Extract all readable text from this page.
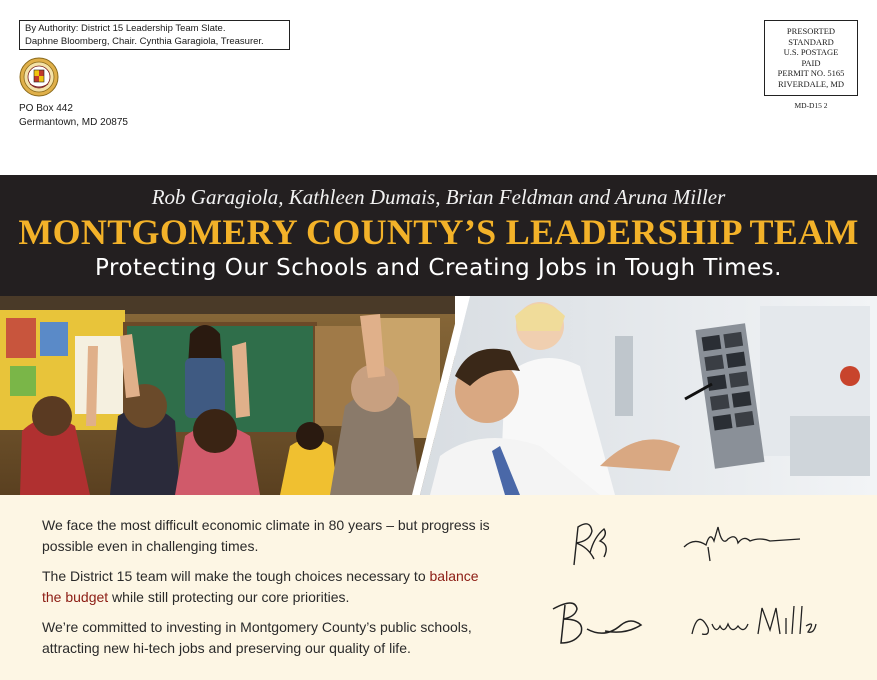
By Authority: District 15 Leadership Team Slate.
Daphne Bloomberg, Chair. Cynthia Garagiola, Treasurer.
PO Box 442
Germantown, MD 20875
PRESORTED
STANDARD
U.S. POSTAGE
PAID
PERMIT NO. 5165
RIVERDALE, MD
MD-D15 2
Rob Garagiola, Kathleen Dumais, Brian Feldman and Aruna Miller
MONTGOMERY COUNTY’S LEADERSHIP TEAM
Protecting Our Schools and Creating Jobs in Tough Times.

We face the most difficult economic climate in 80 years – but progress is possible even in challenging times.

The District 15 team will make the tough choices necessary to balance the budget while still protecting our core priorities.

We’re committed to investing in Montgomery County’s public schools, attracting new hi-tech jobs and preserving our quality of life.
